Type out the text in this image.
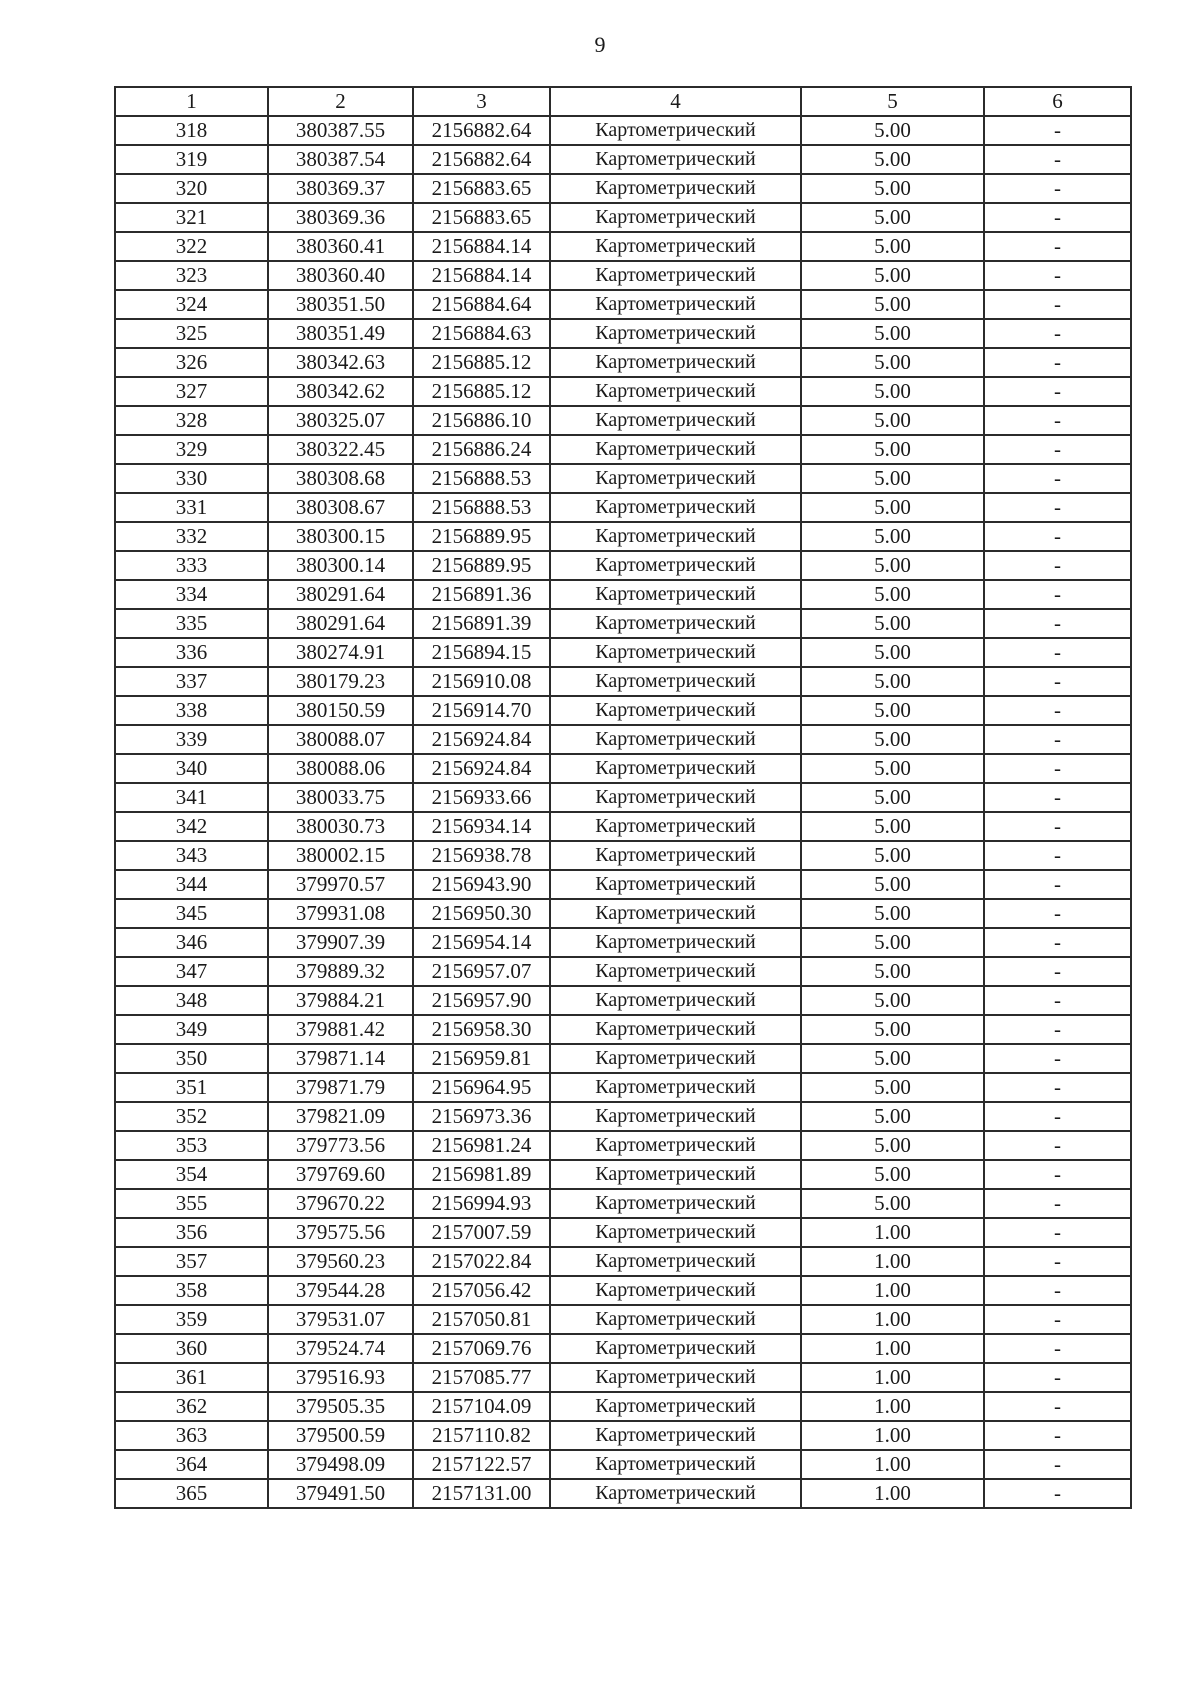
9
1	2	3	4	5	6
318	380387.55	2156882.64	Картометрический	5.00	-
319	380387.54	2156882.64	Картометрический	5.00	-
320	380369.37	2156883.65	Картометрический	5.00	-
321	380369.36	2156883.65	Картометрический	5.00	-
322	380360.41	2156884.14	Картометрический	5.00	-
323	380360.40	2156884.14	Картометрический	5.00	-
324	380351.50	2156884.64	Картометрический	5.00	-
325	380351.49	2156884.63	Картометрический	5.00	-
326	380342.63	2156885.12	Картометрический	5.00	-
327	380342.62	2156885.12	Картометрический	5.00	-
328	380325.07	2156886.10	Картометрический	5.00	-
329	380322.45	2156886.24	Картометрический	5.00	-
330	380308.68	2156888.53	Картометрический	5.00	-
331	380308.67	2156888.53	Картометрический	5.00	-
332	380300.15	2156889.95	Картометрический	5.00	-
333	380300.14	2156889.95	Картометрический	5.00	-
334	380291.64	2156891.36	Картометрический	5.00	-
335	380291.64	2156891.39	Картометрический	5.00	-
336	380274.91	2156894.15	Картометрический	5.00	-
337	380179.23	2156910.08	Картометрический	5.00	-
338	380150.59	2156914.70	Картометрический	5.00	-
339	380088.07	2156924.84	Картометрический	5.00	-
340	380088.06	2156924.84	Картометрический	5.00	-
341	380033.75	2156933.66	Картометрический	5.00	-
342	380030.73	2156934.14	Картометрический	5.00	-
343	380002.15	2156938.78	Картометрический	5.00	-
344	379970.57	2156943.90	Картометрический	5.00	-
345	379931.08	2156950.30	Картометрический	5.00	-
346	379907.39	2156954.14	Картометрический	5.00	-
347	379889.32	2156957.07	Картометрический	5.00	-
348	379884.21	2156957.90	Картометрический	5.00	-
349	379881.42	2156958.30	Картометрический	5.00	-
350	379871.14	2156959.81	Картометрический	5.00	-
351	379871.79	2156964.95	Картометрический	5.00	-
352	379821.09	2156973.36	Картометрический	5.00	-
353	379773.56	2156981.24	Картометрический	5.00	-
354	379769.60	2156981.89	Картометрический	5.00	-
355	379670.22	2156994.93	Картометрический	5.00	-
356	379575.56	2157007.59	Картометрический	1.00	-
357	379560.23	2157022.84	Картометрический	1.00	-
358	379544.28	2157056.42	Картометрический	1.00	-
359	379531.07	2157050.81	Картометрический	1.00	-
360	379524.74	2157069.76	Картометрический	1.00	-
361	379516.93	2157085.77	Картометрический	1.00	-
362	379505.35	2157104.09	Картометрический	1.00	-
363	379500.59	2157110.82	Картометрический	1.00	-
364	379498.09	2157122.57	Картометрический	1.00	-
365	379491.50	2157131.00	Картометрический	1.00	-
